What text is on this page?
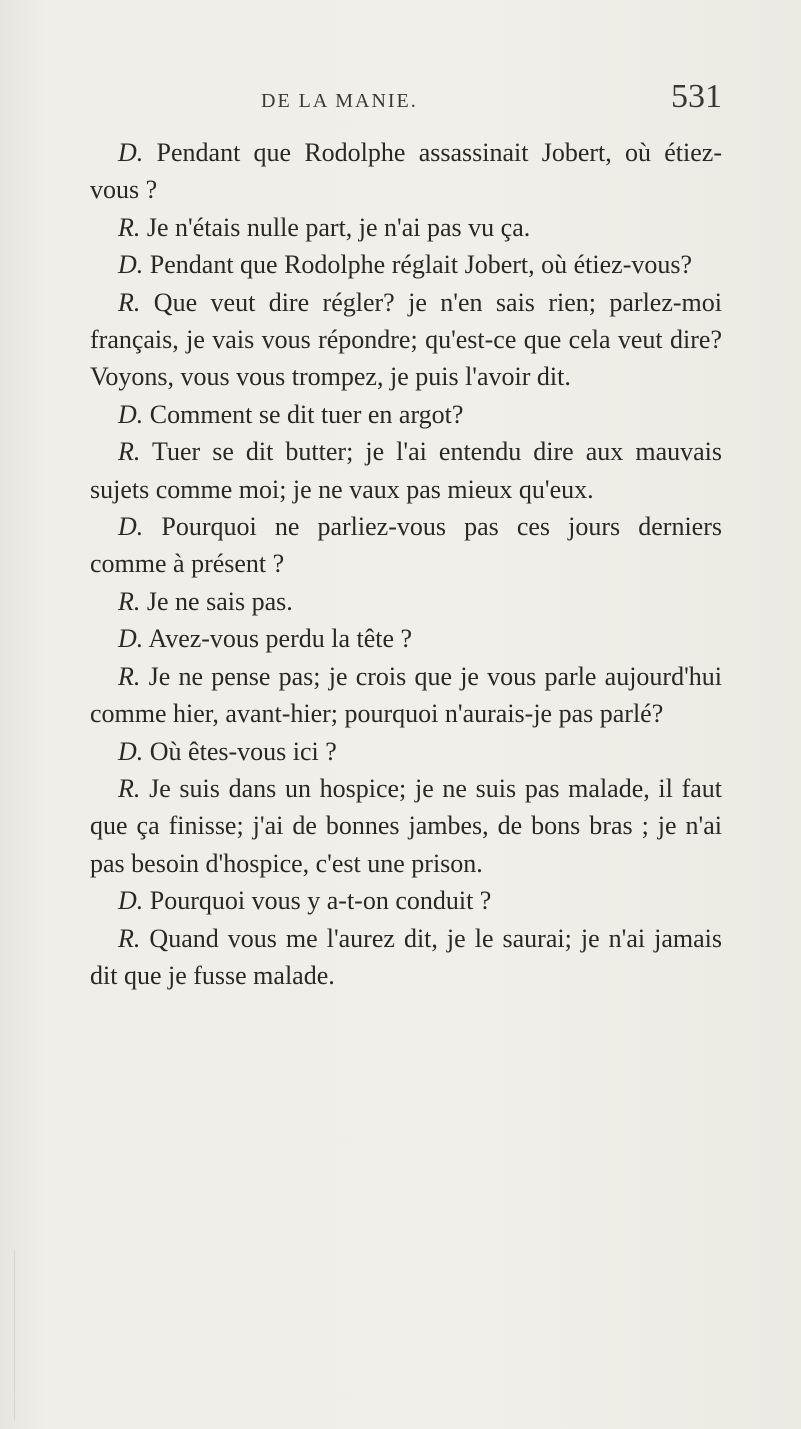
DE LA MANIE.	531

D. Pendant que Rodolphe assassinait Jobert, où étiez-vous ?

R. Je n'étais nulle part, je n'ai pas vu ça.

D. Pendant que Rodolphe réglait Jobert, où étiez-vous?

R. Que veut dire régler? je n'en sais rien; parlez-moi français, je vais vous répondre; qu'est-ce que cela veut dire? Voyons, vous vous trompez, je puis l'avoir dit.

D. Comment se dit tuer en argot?

R. Tuer se dit butter; je l'ai entendu dire aux mauvais sujets comme moi; je ne vaux pas mieux qu'eux.

D. Pourquoi ne parliez-vous pas ces jours derniers comme à présent ?

R. Je ne sais pas.

D. Avez-vous perdu la tête ?

R. Je ne pense pas; je crois que je vous parle aujourd'hui comme hier, avant-hier; pourquoi n'aurais-je pas parlé?

D. Où êtes-vous ici ?

R. Je suis dans un hospice; je ne suis pas malade, il faut que ça finisse; j'ai de bonnes jambes, de bons bras ; je n'ai pas besoin d'hospice, c'est une prison.

D. Pourquoi vous y a-t-on conduit ?

R. Quand vous me l'aurez dit, je le saurai; je n'ai jamais dit que je fusse malade.
